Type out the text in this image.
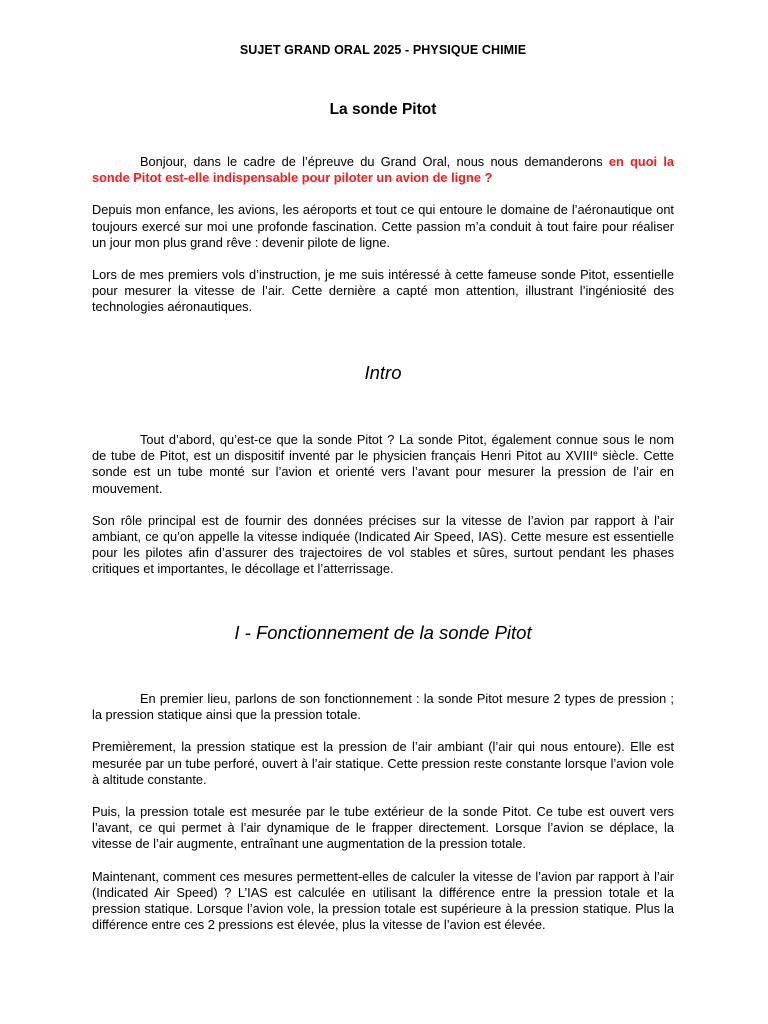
SUJET GRAND ORAL 2025 - PHYSIQUE CHIMIE
La sonde Pitot

Bonjour, dans le cadre de l’épreuve du Grand Oral, nous nous demanderons en quoi la sonde Pitot est-elle indispensable pour piloter un avion de ligne ?

Depuis mon enfance, les avions, les aéroports et tout ce qui entoure le domaine de l’aéronautique ont toujours exercé sur moi une profonde fascination. Cette passion m’a conduit à tout faire pour réaliser un jour mon plus grand rêve : devenir pilote de ligne.

Lors de mes premiers vols d’instruction, je me suis intéressé à cette fameuse sonde Pitot, essentielle pour mesurer la vitesse de l’air. Cette dernière a capté mon attention, illustrant l’ingéniosité des technologies aéronautiques.

Intro

Tout d’abord, qu’est-ce que la sonde Pitot ? La sonde Pitot, également connue sous le nom de tube de Pitot, est un dispositif inventé par le physicien français Henri Pitot au XVIIIe siècle. Cette sonde est un tube monté sur l’avion et orienté vers l’avant pour mesurer la pression de l’air en mouvement.

Son rôle principal est de fournir des données précises sur la vitesse de l’avion par rapport à l’air ambiant, ce qu’on appelle la vitesse indiquée (Indicated Air Speed, IAS). Cette mesure est essentielle pour les pilotes afin d’assurer des trajectoires de vol stables et sûres, surtout pendant les phases critiques et importantes, le décollage et l’atterrissage.

I - Fonctionnement de la sonde Pitot

En premier lieu, parlons de son fonctionnement : la sonde Pitot mesure 2 types de pression ; la pression statique ainsi que la pression totale.

Premièrement, la pression statique est la pression de l’air ambiant (l’air qui nous entoure). Elle est mesurée par un tube perforé, ouvert à l’air statique. Cette pression reste constante lorsque l’avion vole à altitude constante.

Puis, la pression totale est mesurée par le tube extérieur de la sonde Pitot. Ce tube est ouvert vers l’avant, ce qui permet à l’air dynamique de le frapper directement. Lorsque l’avion se déplace, la vitesse de l’air augmente, entraînant une augmentation de la pression totale.

Maintenant, comment ces mesures permettent-elles de calculer la vitesse de l’avion par rapport à l’air (Indicated Air Speed) ? L’IAS est calculée en utilisant la différence entre la pression totale et la pression statique. Lorsque l’avion vole, la pression totale est supérieure à la pression statique. Plus la différence entre ces 2 pressions est élevée, plus la vitesse de l’avion est élevée.
